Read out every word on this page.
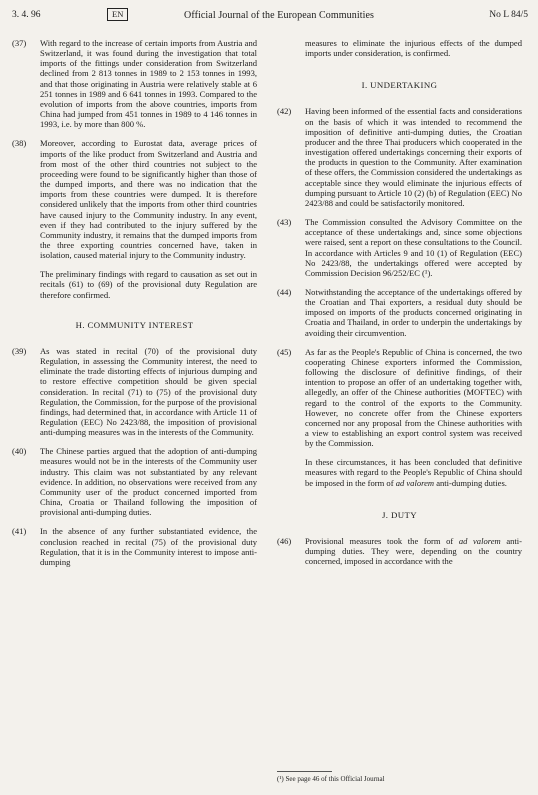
3. 4. 96	EN	Official Journal of the European Communities	No L 84/5
(37) With regard to the increase of certain imports from Austria and Switzerland, it was found during the investigation that total imports of the fittings under consideration from Switzerland declined from 2 813 tonnes in 1989 to 2 153 tonnes in 1993, and that those originating in Austria were relatively stable at 6 251 tonnes in 1989 and 6 641 tonnes in 1993. Compared to the evolution of imports from the above countries, imports from China had jumped from 451 tonnes in 1989 to 4 146 tonnes in 1993, i.e. by more than 800 %.
(38) Moreover, according to Eurostat data, average prices of imports of the like product from Switzerland and Austria and from most of the other third countries not subject to the proceeding were found to be significantly higher than those of the dumped imports, and there was no indication that the imports from these countries were dumped. It is therefore considered unlikely that the imports from other third countries have caused injury to the Community industry. In any event, even if they had contributed to the injury suffered by the Community industry, it remains that the dumped imports from the three exporting countries concerned have, taken in isolation, caused material injury to the Community industry.
The preliminary findings with regard to causation as set out in recitals (61) to (69) of the provisional duty Regulation are therefore confirmed.
H. COMMUNITY INTEREST
(39) As was stated in recital (70) of the provisional duty Regulation, in assessing the Community interest, the need to eliminate the trade distorting effects of injurious dumping and to restore effective competition should be given special consideration. In recital (71) to (75) of the provisional duty Regulation, the Commission, for the purpose of the provisional findings, had determined that, in accordance with Article 11 of Regulation (EEC) No 2423/88, the imposition of provisional anti-dumping measures was in the interests of the Community.
(40) The Chinese parties argued that the adoption of anti-dumping measures would not be in the interests of the Community user industry. This claim was not substantiated by any relevant evidence. In addition, no observations were received from any Community user of the product concerned imported from China, Croatia or Thailand following the imposition of provisional anti-dumping duties.
(41) In the absence of any further substantiated evidence, the conclusion reached in recital (75) of the provisional duty Regulation, that it is in the Community interest to impose anti-dumping
measures to eliminate the injurious effects of the dumped imports under consideration, is confirmed.
I. UNDERTAKING
(42) Having been informed of the essential facts and considerations on the basis of which it was intended to recommend the imposition of definitive anti-dumping duties, the Croatian producer and the three Thai producers which cooperated in the investigation offered undertakings concerning their exports of the products in question to the Community. After examination of these offers, the Commission considered the undertakings as acceptable since they would eliminate the injurious effects of dumping pursuant to Article 10 (2) (b) of Regulation (EEC) No 2423/88 and could be satisfactorily monitored.
(43) The Commission consulted the Advisory Committee on the acceptance of these undertakings and, since some objections were raised, sent a report on these consultations to the Council. In accordance with Articles 9 and 10 (1) of Regulation (EEC) No 2423/88, the undertakings offered were accepted by Commission Decision 96/252/EC (¹).
(44) Notwithstanding the acceptance of the undertakings offered by the Croatian and Thai exporters, a residual duty should be imposed on imports of the products concerned originating in Croatia and Thailand, in order to underpin the undertakings by avoiding their circumvention.
(45) As far as the People's Republic of China is concerned, the two cooperating Chinese exporters informed the Commission, following the disclosure of definitive findings, of their intention to propose an offer of an undertaking together with, allegedly, an offer of the Chinese authorities (MOFTEC) with regard to the control of the exports to the Community. However, no concrete offer from the Chinese exporters concerned nor any proposal from the Chinese authorities with a view to establishing an export control system was received by the Commission.
In these circumstances, it has been concluded that definitive measures with regard to the People's Republic of China should be imposed in the form of ad valorem anti-dumping duties.
J. DUTY
(46) Provisional measures took the form of ad valorem anti-dumping duties. They were, depending on the country concerned, imposed in accordance with the
(¹) See page 46 of this Official Journal
